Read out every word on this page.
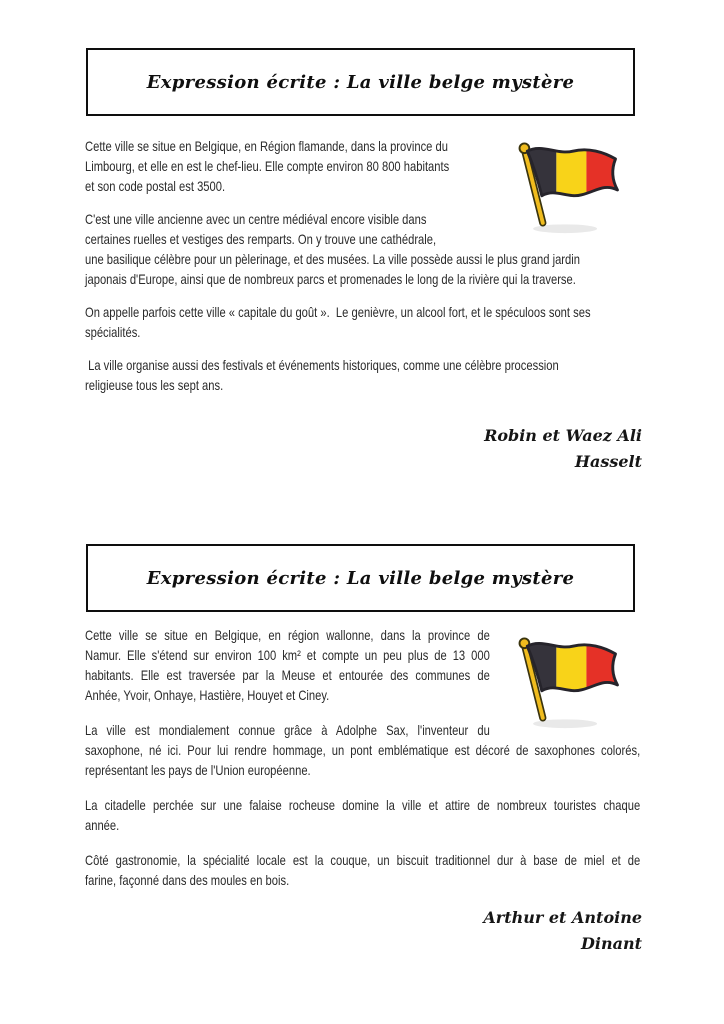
Expression écrite : La ville belge mystère
Cette ville se situe en Belgique, en Région flamande, dans la province du
Limbourg, et elle en est le chef-lieu. Elle compte environ 80 800 habitants
et son code postal est 3500.
C'est une ville ancienne avec un centre médiéval encore visible dans
certaines ruelles et vestiges des remparts. On y trouve une cathédrale,
une basilique célèbre pour un pèlerinage, et des musées. La ville possède aussi le plus grand jardin
japonais d'Europe, ainsi que de nombreux parcs et promenades le long de la rivière qui la traverse.
On appelle parfois cette ville « capitale du goût ».  Le genièvre, un alcool fort, et le spéculoos sont ses
spécialités.
La ville organise aussi des festivals et événements historiques, comme une célèbre procession
religieuse tous les sept ans.
Robin et Waez Ali
Hasselt
Expression écrite : La ville belge mystère
Cette ville se situe en Belgique, en région wallonne, dans la province de
Namur. Elle s'étend sur environ 100 km² et compte un peu plus de 13 000
habitants. Elle est traversée par la Meuse et entourée des communes de
Anhée, Yvoir, Onhaye, Hastière, Houyet et Ciney.
La ville est mondialement connue grâce à Adolphe Sax, l'inventeur du
saxophone, né ici. Pour lui rendre hommage, un pont emblématique est décoré de saxophones colorés,
représentant les pays de l'Union européenne.
La citadelle perchée sur une falaise rocheuse domine la ville et attire de nombreux touristes chaque
année.
Côté gastronomie, la spécialité locale est la couque, un biscuit traditionnel dur à base de miel et de
farine, façonné dans des moules en bois.
Arthur et Antoine
Dinant
